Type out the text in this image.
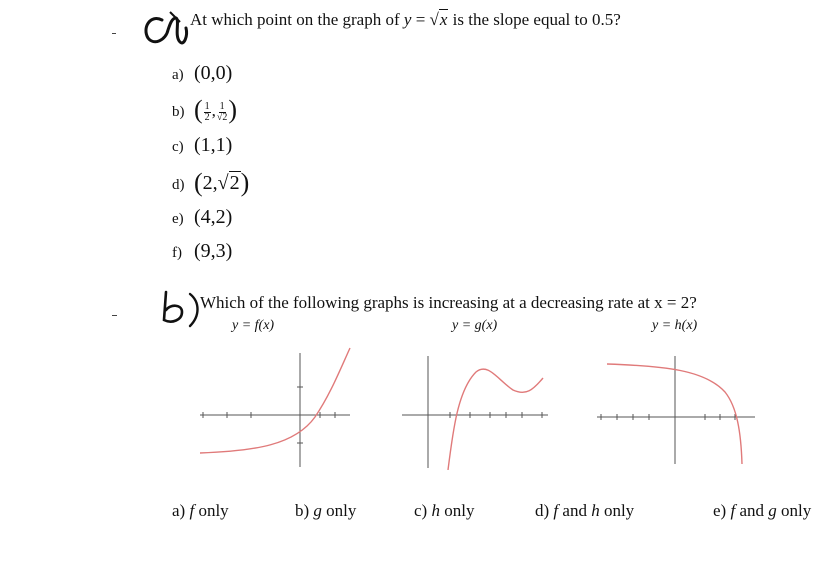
At which point on the graph of y = √x is the slope equal to 0.5?
a) (0,0)
b) ( $\frac{1}{2}$ , $\frac{1}{√2}$ )
c) (1,1)
d) (2,√2)
e) (4,2)
f) (9,3)
Which of the following graphs is increasing at a decreasing rate at x = 2?
y = f(x)	y = g(x)	y = h(x)
a) f only	b) g only	c) h only	d) f and h only	e) f and g only
